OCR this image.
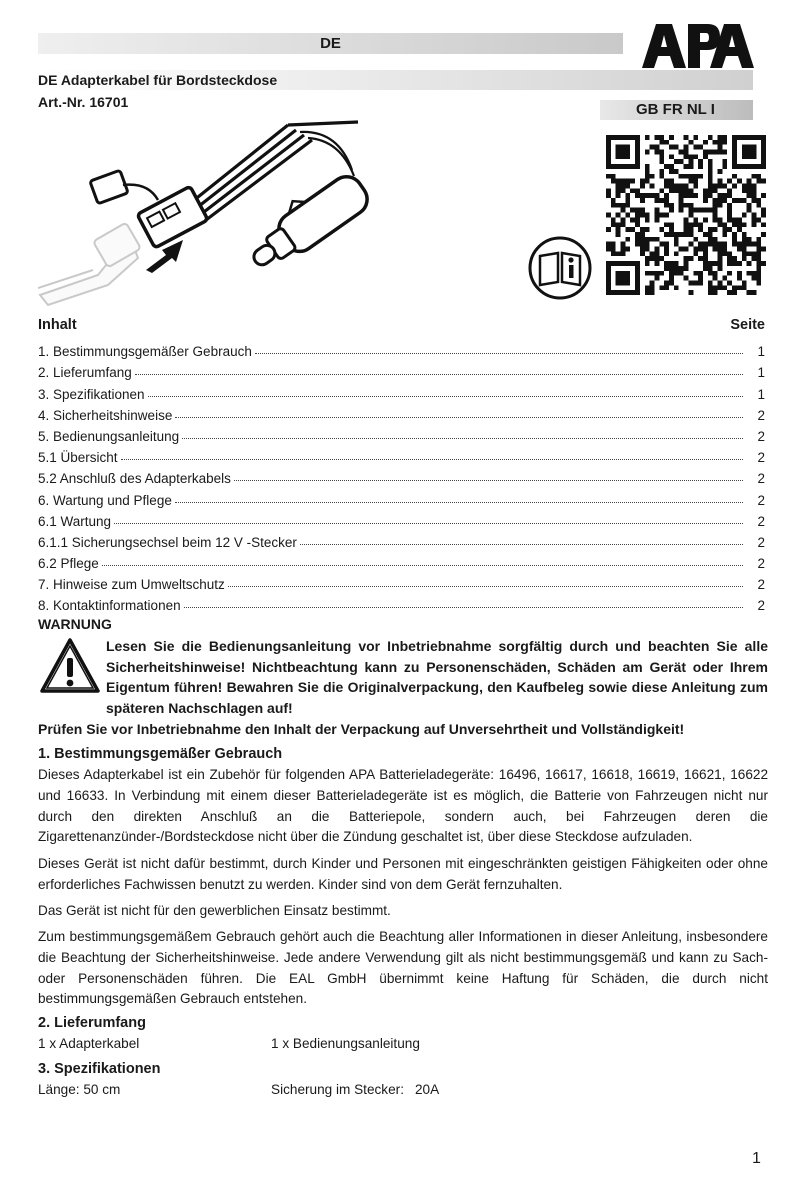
DE
DE Adapterkabel für Bordsteckdose
Art.-Nr. 16701	GB FR NL I
Inhalt	Seite
1. Bestimmungsgemäßer Gebrauch	1
2. Lieferumfang	1
3. Spezifikationen	1
4. Sicherheitshinweise	2
5. Bedienungsanleitung	2
5.1 Übersicht	2
5.2 Anschluß des Adapterkabels	2
6. Wartung und Pflege	2
6.1 Wartung	2
6.1.1 Sicherungsechsel beim 12 V -Stecker	2
6.2 Pflege	2
7. Hinweise zum Umweltschutz	2
8. Kontaktinformationen	2
WARNUNG
Lesen Sie die Bedienungsanleitung vor Inbetriebnahme sorgfältig durch und beachten Sie alle Sicherheitshinweise! Nichtbeachtung kann zu Personenschäden, Schäden am Gerät oder Ihrem Eigentum führen! Bewahren Sie die Originalverpackung, den Kaufbeleg sowie diese Anleitung zum späteren Nachschlagen auf!
Prüfen Sie vor Inbetriebnahme den Inhalt der Verpackung auf Unversehrtheit und Vollständigkeit!
1. Bestimmungsgemäßer Gebrauch
Dieses Adapterkabel ist ein Zubehör für folgenden APA Batterieladegeräte: 16496, 16617, 16618, 16619, 16621, 16622 und 16633. In Verbindung mit einem dieser Batterieladegeräte ist es möglich, die Batterie von Fahrzeugen nicht nur durch den direkten Anschluß an die Batteriepole, sondern auch, bei Fahrzeugen deren die Zigarettenanzünder-/Bordsteckdose nicht über die Zündung geschaltet ist, über diese Steckdose aufzuladen.
Dieses Gerät ist nicht dafür bestimmt, durch Kinder und Personen mit eingeschränkten geistigen Fähigkeiten oder ohne erforderliches Fachwissen benutzt zu werden. Kinder sind von dem Gerät fernzuhalten.
Das Gerät ist nicht für den gewerblichen Einsatz bestimmt.
Zum bestimmungsgemäßem Gebrauch gehört auch die Beachtung aller Informationen in dieser Anleitung, insbesondere die Beachtung der Sicherheitshinweise. Jede andere Verwendung gilt als nicht bestimmungsgemäß und kann zu Sach- oder Personenschäden führen. Die EAL GmbH übernimmt keine Haftung für Schäden, die durch nicht bestimmungsgemäßen Gebrauch entstehen.
2. Lieferumfang
1 x Adapterkabel	1 x Bedienungsanleitung
3. Spezifikationen
Länge: 50 cm	Sicherung im Stecker: 20A
1
